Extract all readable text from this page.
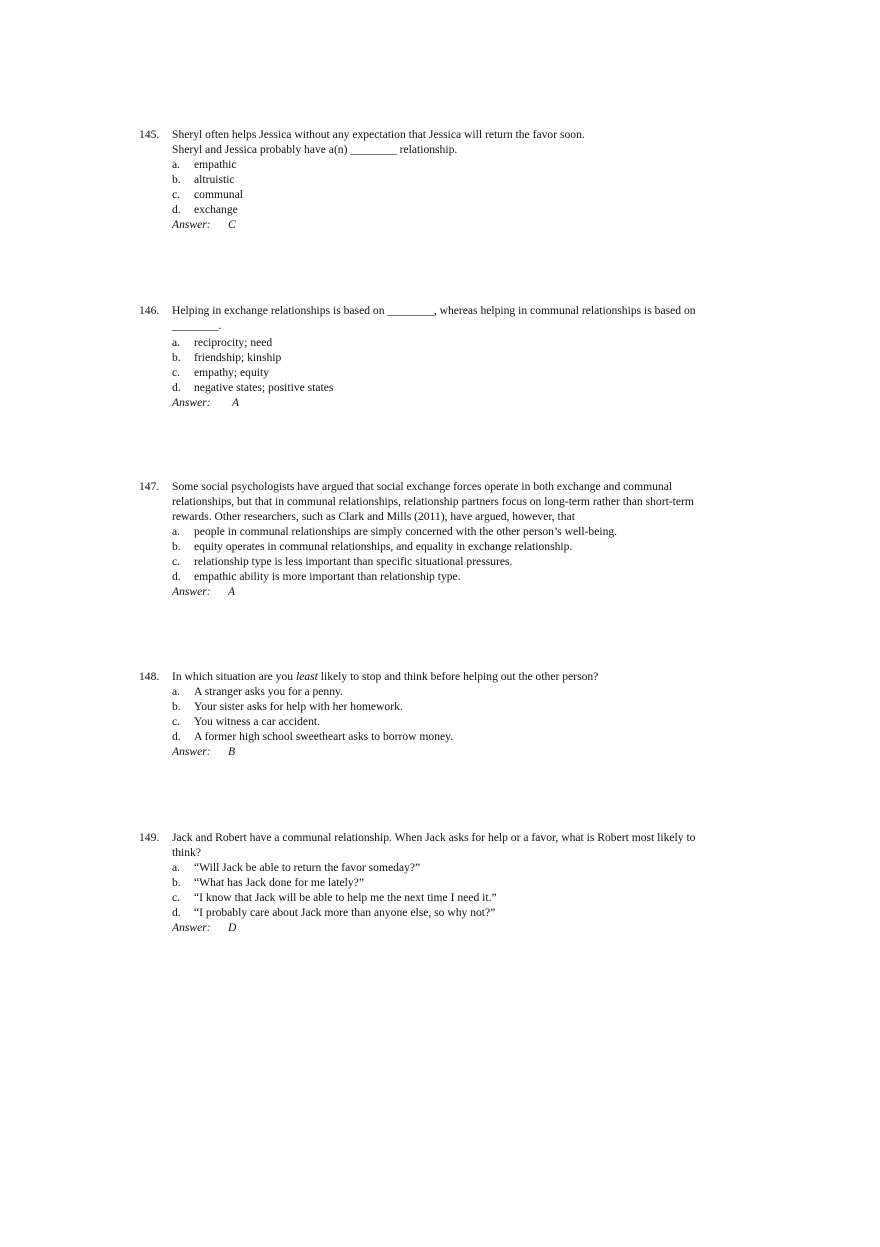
145.	Sheryl often helps Jessica without any expectation that Jessica will return the favor soon.
Sheryl and Jessica probably have a(n) ________ relationship.

a.	empathic
b.	altruistic
c.	communal
d.	exchange
Answer:	C
146.	Helping in exchange relationships is based on ________, whereas helping in communal relationships is based on
________.

a.	reciprocity; need
b.	friendship; kinship
c.	empathy; equity
d.	negative states; positive states
Answer:	A
147.	Some social psychologists have argued that social exchange forces operate in both exchange and communal
relationships, but that in communal relationships, relationship partners focus on long-term rather than short-term
rewards. Other researchers, such as Clark and Mills (2011), have argued, however, that

a.	people in communal relationships are simply concerned with the other person’s well-being.
b.	equity operates in communal relationships, and equality in exchange relationship.
c.	relationship type is less important than specific situational pressures.
d.	empathic ability is more important than relationship type.
Answer:	A
148.	In which situation are you least likely to stop and think before helping out the other person?

a.	A stranger asks you for a penny.
b.	Your sister asks for help with her homework.
c.	You witness a car accident.
d.	A former high school sweetheart asks to borrow money.
Answer:	B
149.	Jack and Robert have a communal relationship. When Jack asks for help or a favor, what is Robert most likely to
think?

a.	“Will Jack be able to return the favor someday?”
b.	“What has Jack done for me lately?”
c.	“I know that Jack will be able to help me the next time I need it.”
d.	“I probably care about Jack more than anyone else, so why not?”
Answer:	D
